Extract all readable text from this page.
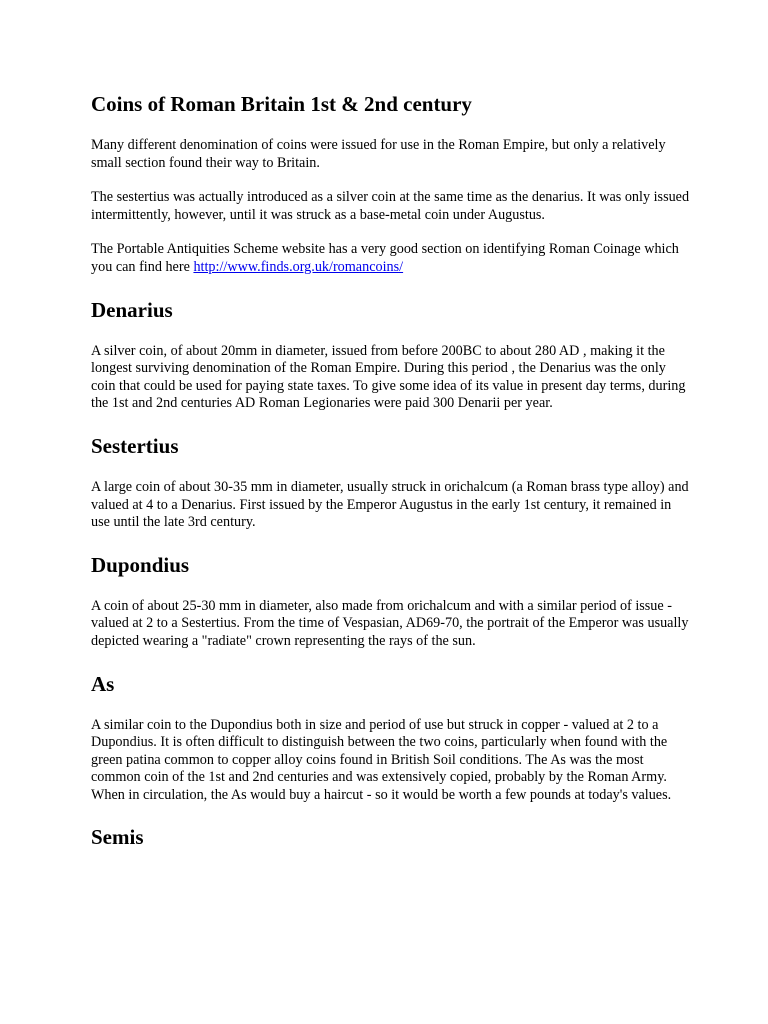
Coins of Roman Britain 1st & 2nd century

Many different denomination of coins were issued for use in the Roman Empire, but only a relatively small section found their way to Britain.

The sestertius was actually introduced as a silver coin at the same time as the denarius. It was only issued intermittently, however, until it was struck as a base-metal coin under Augustus.

The Portable Antiquities Scheme website has a very good section on identifying Roman Coinage which you can find here http://www.finds.org.uk/romancoins/

Denarius

A silver coin, of about 20mm in diameter, issued from before 200BC to about 280 AD , making it the longest surviving denomination of the Roman Empire. During this period , the Denarius was the only coin that could be used for paying state taxes. To give some idea of its value in present day terms, during the 1st and 2nd centuries AD Roman Legionaries were paid 300 Denarii per year.

Sestertius

A large coin of about 30-35 mm in diameter, usually struck in orichalcum (a Roman brass type alloy) and valued at 4 to a Denarius. First issued by the Emperor Augustus in the early 1st century, it remained in use until the late 3rd century.

Dupondius

A coin of about 25-30 mm in diameter, also made from orichalcum and with a similar period of issue - valued at 2 to a Sestertius. From the time of Vespasian, AD69-70, the portrait of the Emperor was usually depicted wearing a "radiate" crown representing the rays of the sun.

As

A similar coin to the Dupondius both in size and period of use but struck in copper - valued at 2 to a Dupondius. It is often difficult to distinguish between the two coins, particularly when found with the green patina common to copper alloy coins found in British Soil conditions. The As was the most common coin of the 1st and 2nd centuries and was extensively copied, probably by the Roman Army. When in circulation, the As would buy a haircut - so it would be worth a few pounds at today's values.

Semis
